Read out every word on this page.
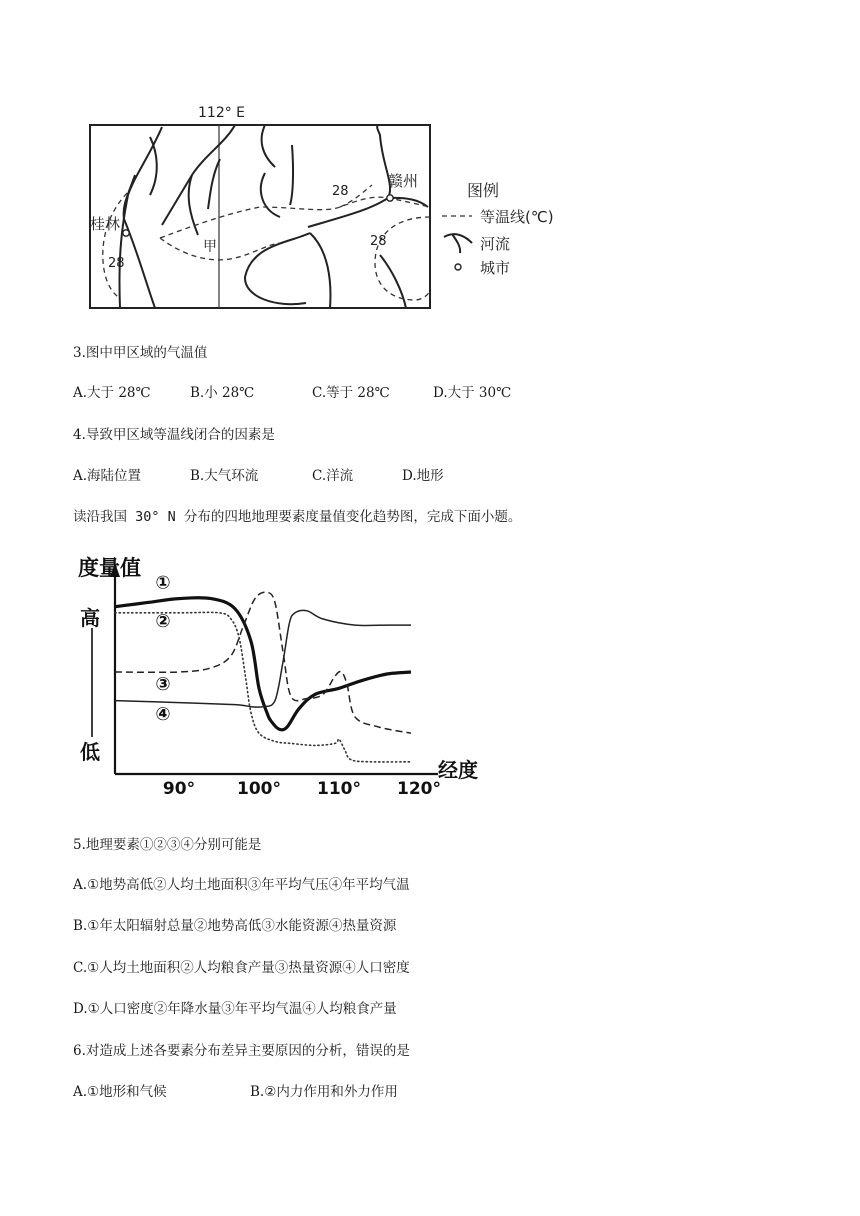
112° E
28
28
28
桂林
赣州
甲
图例
等温线(℃)
河流
城市
3.图中甲区域的气温值
A.大于 28℃	B.小 28℃	C.等于 28℃	D.大于 30℃
4.导致甲区域等温线闭合的因素是
A.海陆位置	B.大气环流	C.洋流	D.地形
读沿我国 30° N 分布的四地地理要素度量值变化趋势图，完成下面小题。
度量值
高
低
经度
90° 100° 110° 120°
①
②
③
④
5.地理要素①②③④分别可能是
A.①地势高低②人均土地面积③年平均气压④年平均气温
B.①年太阳辐射总量②地势高低③水能资源④热量资源
C.①人均土地面积②人均粮食产量③热量资源④人口密度
D.①人口密度②年降水量③年平均气温④人均粮食产量
6.对造成上述各要素分布差异主要原因的分析，错误的是
A.①地形和气候	B.②内力作用和外力作用
